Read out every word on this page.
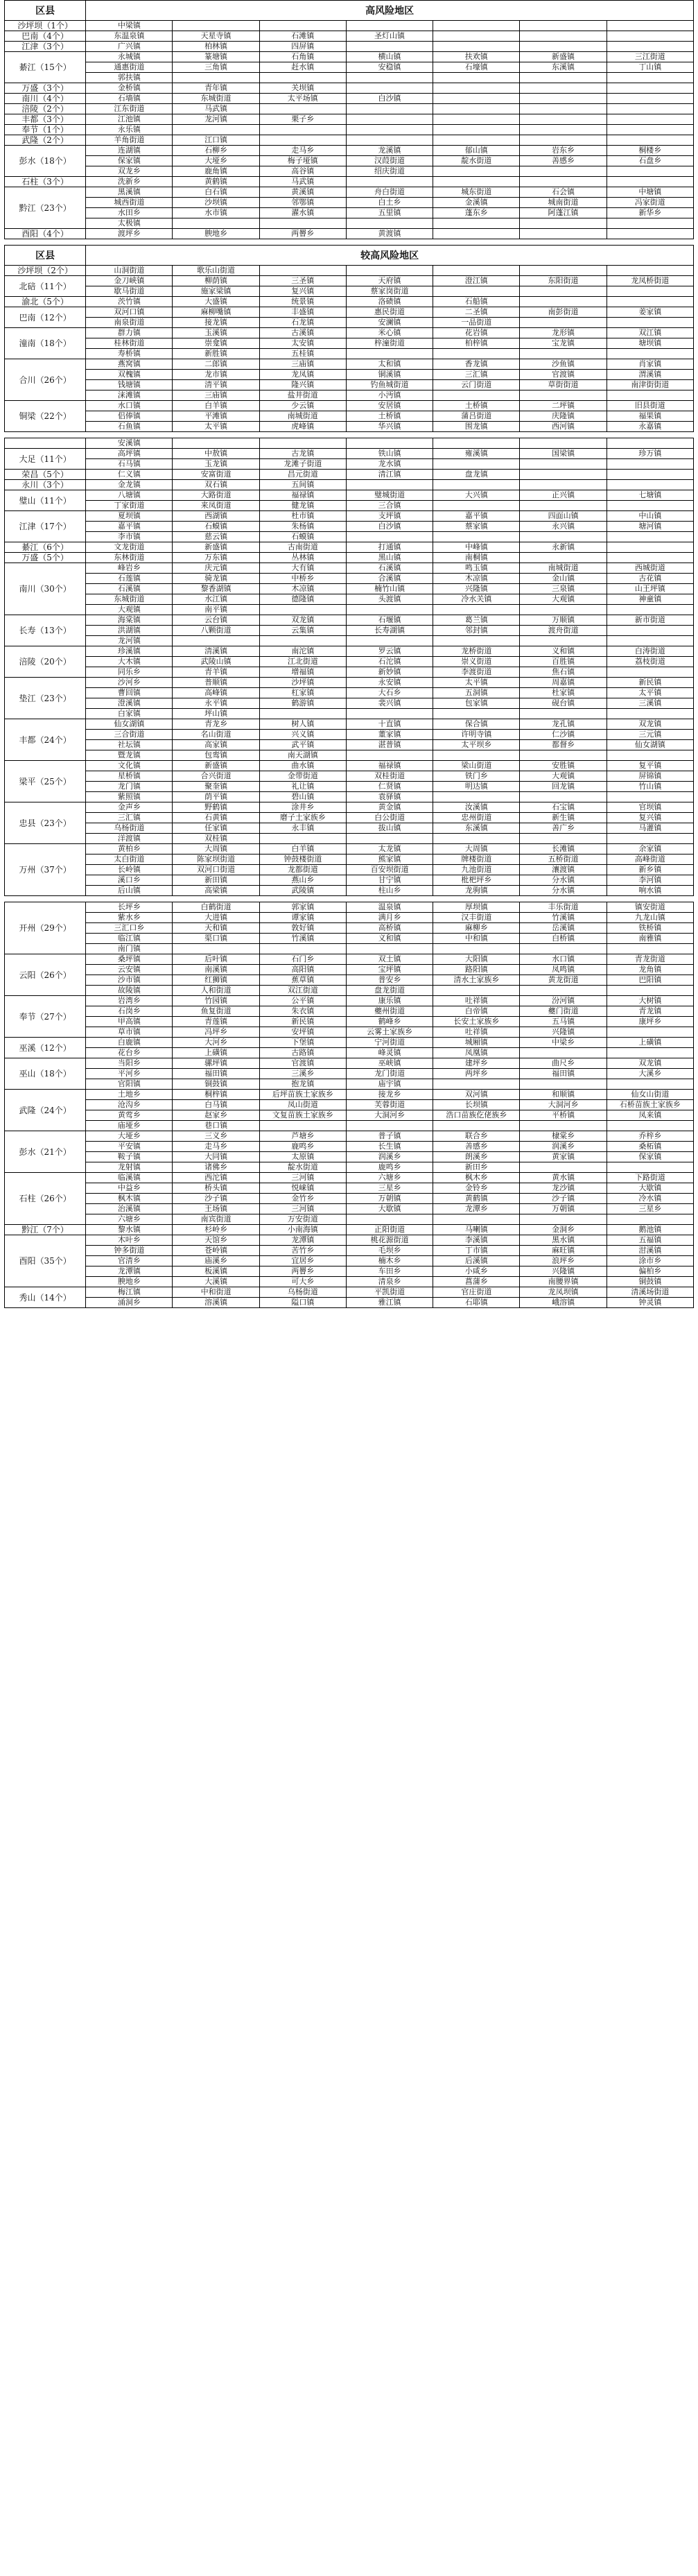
区县	高风险地区						
沙坪坝（1个）	中梁镇						
巴南（4个）	东温泉镇	天星寺镇	石滩镇	圣灯山镇			
江津（3个）	广兴镇	柏林镇	四屏镇				
綦江（15个）	永城镇	篆塘镇	石角镇	横山镇	扶欢镇	新盛镇	三江街道
	通惠街道	三角镇	赶水镇	安稳镇	石壕镇	东溪镇	丁山镇
	郭扶镇						
万盛（3个）	金桥镇	青年镇	关坝镇				
南川（4个）	石墙镇	东城街道	太平场镇	白沙镇			
涪陵（2个）	江东街道	马武镇					
丰都（3个）	江池镇	龙河镇	栗子乡				
奉节（1个）	永乐镇						
武隆（2个）	羊角街道	江口镇					
彭水（18个）	连湖镇	石柳乡	走马乡	龙溪镇	郁山镇	岩东乡	桐楼乡
	保家镇	大垭乡	梅子垭镇	汉葭街道	靛水街道	善感乡	石盘乡
	双龙乡	鹿角镇	高谷镇	绍庆街道			
石柱（3个）	洗新乡	黄鹤镇	马武镇				
黔江（23个）	黑溪镇	白石镇	黄溪镇	舟白街道	城东街道	石会镇	中塘镇
	城西街道	沙坝镇	邻鄂镇	白土乡	金溪镇	城南街道	冯家街道
	水田乡	水市镇	濯水镇	五里镇	蓬东乡	阿蓬江镇	新华乡
	太极镇						
酉阳（4个）	渡坪乡	腴地乡	两罾乡	黄渡镇			
区县	较高风险地区						
沙坪坝（2个）	山洞街道	歌乐山街道					
北碚（11个）	金刀峡镇	柳荫镇	三圣镇	天府镇	澄江镇	东阳街道	龙凤桥街道
	歇马街道	施家梁镇	复兴镇	蔡家岗街道			
渝北（5个）	茨竹镇	大盛镇	统景镇	洛碛镇	石船镇		
巴南（12个）	双河口镇	麻柳嘴镇	丰盛镇	惠民街道	二圣镇	南彭街道	姜家镇
	南泉街道	接龙镇	石龙镇	安澜镇	一品街道		
潼南（18个）	群力镇	玉溪镇	古溪镇	米心镇	花岩镇	龙形镇	双江镇
	桂林街道	崇龛镇	太安镇	梓潼街道	柏梓镇	宝龙镇	塘坝镇
	寿桥镇	新胜镇	五桂镇				
合川（26个）	燕窝镇	二郎镇	三庙镇	太和镇	香龙镇	沙鱼镇	肖家镇
	双槐镇	龙市镇	龙凤镇	铜溪镇	三汇镇	官渡镇	渭溪镇
	钱塘镇	清平镇	隆兴镇	钓鱼城街道	云门街道	草街街道	南津街街道
	涞滩镇	三庙镇	盐井街道	小沔镇			
铜梁（22个）	水口镇	白羊镇	少云镇	安居镇	土桥镇	二坪镇	旧县街道
	侣俸镇	平滩镇	南城街道	土桥镇	蒲吕街道	庆隆镇	福果镇
	石鱼镇	太平镇	虎峰镇	华兴镇	围龙镇	西河镇	永嘉镇
	安溪镇						
大足（11个）	高坪镇	中敖镇	古龙镇	铁山镇	雍溪镇	国梁镇	珍万镇
	石马镇	玉龙镇	龙滩子街道	龙水镇			
荣昌（5个）	仁义镇	安富街道	昌元街道	清江镇	盘龙镇		
永川（3个）	金龙镇	双石镇	五间镇				
璧山（11个）	八塘镇	大路街道	福禄镇	璧城街道	大兴镇	正兴镇	七塘镇
	丁家街道	来凤街道	健龙镇	三合镇			
江津（17个）	夏坝镇	西湖镇	杜市镇	支坪镇	嘉平镇	四面山镇	中山镇
	嘉平镇	石蟆镇	朱杨镇	白沙镇	蔡家镇	永兴镇	塘河镇
	李市镇	慈云镇	石蟆镇				
綦江（6个）	文龙街道	新盛镇	古南街道	打通镇	中峰镇	永新镇	
万盛（5个）	东林街道	万东镇	丛林镇	黑山镇	南桐镇		
南川（30个）	峰岩乡	庆元镇	大有镇	石溪镇	鸣玉镇	南城街道	西城街道
	石莲镇	骑龙镇	中桥乡	合溪镇	木凉镇	金山镇	古花镇
	石溪镇	黎香湖镇	木凉镇	楠竹山镇	兴隆镇	三泉镇	山王坪镇
	东城街道	水江镇	德隆镇	头渡镇	冷水关镇	大观镇	神童镇
	大观镇	南平镇					
长寿（13个）	海棠镇	云台镇	双龙镇	石堰镇	葛兰镇	万顺镇	新市街道
	洪湖镇	八颗街道	云集镇	长寿湖镇	邻封镇	渡舟街道	
	龙河镇						
涪陵（20个）	珍溪镇	清溪镇	南沱镇	罗云镇	龙桥街道	义和镇	白涛街道
	大木镇	武陵山镇	江北街道	石沱镇	崇义街道	百胜镇	荔枝街道
	同乐乡	青羊镇	增福镇	新妙镇	李渡街道	焦石镇	
垫江（23个）	沙河乡	普顺镇	沙坪镇	永安镇	太平镇	周嘉镇	新民镇
	曹回镇	高峰镇	杠家镇	大石乡	五洞镇	杜家镇	太平镇
	澄溪镇	永平镇	鹤游镇	裴兴镇	包家镇	砚台镇	三溪镇
	白家镇	坪山镇					
丰都（24个）	仙女湖镇	青龙乡	树人镇	十直镇	保合镇	龙孔镇	双龙镇
	三合街道	名山街道	兴义镇	董家镇	许明寺镇	仁沙镇	三元镇
	社坛镇	高家镇	武平镇	湛普镇	太平坝乡	都督乡	仙女湖镇
	暨龙镇	包鸾镇	南天湖镇				
梁平（25个）	文化镇	新盛镇	曲水镇	福禄镇	梁山街道	安胜镇	复平镇
	星桥镇	合兴街道	金带街道	双桂街道	铁门乡	大观镇	屏锦镇
	龙门镇	聚奎镇	礼让镇	仁贤镇	明达镇	回龙镇	竹山镇
	紫照镇	荫平镇	碧山镇	袁驿镇			
忠县（23个）	金声乡	野鹤镇	涂井乡	黄金镇	汝溪镇	石宝镇	官坝镇
	三汇镇	石黄镇	磨子土家族乡	白公街道	忠州街道	新生镇	复兴镇
	乌杨街道	任家镇	永丰镇	拔山镇	东溪镇	善广乡	马灌镇
	洋渡镇	双桂镇					
万州（37个）	黄柏乡	大周镇	白羊镇	太龙镇	大周镇	长滩镇	余家镇
	太白街道	陈家坝街道	钟鼓楼街道	熊家镇	牌楼街道	五桥街道	高峰街道
	长岭镇	双河口街道	龙都街道	百安坝街道	九池街道	瀼渡镇	新乡镇
	溪口乡	新田镇	燕山乡	甘宁镇	枇杷坪乡	分水镇	李河镇
	后山镇	高梁镇	武陵镇	柱山乡	龙驹镇	分水镇	响水镇
开州（29个）	长坪乡	白鹤街道	郭家镇	温泉镇	厚坝镇	丰乐街道	镇安街道
	紫水乡	大进镇	谭家镇	满月乡	汉丰街道	竹溪镇	九龙山镇
	三汇口乡	天和镇	敦好镇	高桥镇	麻柳乡	岳溪镇	铁桥镇
	临江镇	渠口镇	竹溪镇	义和镇	中和镇	白桥镇	南雅镇
	南门镇						
云阳（26个）	桑坪镇	后叶镇	石门乡	双土镇	大阳镇	水口镇	青龙街道
	云安镇	南溪镇	高阳镇	宝坪镇	路阳镇	凤鸣镇	龙角镇
	沙市镇	红狮镇	蕉草镇	普安乡	清水土家族乡	黄龙街道	巴阳镇
	故陵镇	人和街道	双江街道	盘龙街道			
奉节（27个）	岩湾乡	竹园镇	公平镇	康乐镇	吐祥镇	汾河镇	大树镇
	石岗乡	鱼复街道	朱衣镇	夔州街道	白帝镇	夔门街道	青龙镇
	甲高镇	青莲镇	新民镇	鹤峰乡	长安土家族乡	五马镇	康坪乡
	草市镇	冯坪乡	安坪镇	云雾土家族乡	吐祥镇	兴隆镇	
巫溪（12个）	白鹿镇	大河乡	下堡镇	宁河街道	城厢镇	中梁乡	上磺镇
	花台乡	上磺镇	古路镇	峰灵镇	凤凰镇		
巫山（18个）	当阳乡	骡坪镇	官渡镇	巫峡镇	建坪乡	曲尺乡	双龙镇
	平河乡	福田镇	三溪乡	龙门街道	两坪乡	福田镇	大溪乡
	官阳镇	铜鼓镇	抱龙镇	庙宇镇			
武隆（24个）	土地乡	桐梓镇	后坪苗族土家族乡	接龙乡	双河镇	和顺镇	仙女山街道
	沧沟乡	白马镇	凤山街道	芙蓉街道	长坝镇	大洞河乡	石桥苗族土家族乡
	黄莺乡	赵家乡	文复苗族土家族乡	大洞河乡	浩口苗族仡佬族乡	平桥镇	凤来镇
	庙垭乡	巷口镇					
彭水（21个）	大垭乡	三义乡	芦塘乡	普子镇	联合乡	棣棠乡	乔梓乡
	平安镇	走马乡	鹿鸣乡	长生镇	善感乡	润溪乡	桑柘镇
	鞍子镇	大同镇	太原镇	润溪乡	朗溪乡	黄家镇	保家镇
	龙射镇	诸佛乡	靛水街道	鹿鸣乡	新田乡		
石柱（26个）	临溪镇	西沱镇	三河镇	六塘乡	枫木乡	黄水镇	下路街道
	中益乡	桥头镇	悦崃镇	三星乡	金铃乡	龙沙镇	大歇镇
	枫木镇	沙子镇	金竹乡	万朝镇	黄鹤镇	沙子镇	冷水镇
	治溪镇	王场镇	三河镇	大歇镇	龙潭乡	万朝镇	三星乡
	六塘乡	南宾街道	万安街道				
黔江（7个）	黎水镇	杉岭乡	小南海镇	正阳街道	马喇镇	金洞乡	鹅池镇
酉阳（35个）	木叶乡	天馆乡	龙潭镇	桃花源街道	李溪镇	黑水镇	五福镇
	钟多街道	苍岭镇	苦竹乡	毛坝乡	丁市镇	麻旺镇	泔溪镇
	官清乡	庙溪乡	宜居乡	楠木乡	后溪镇	浪坪乡	涂市乡
	龙潭镇	板溪镇	两罾乡	车田乡	小咸乡	兴隆镇	偏柏乡
	腴地乡	大溪镇	可大乡	清泉乡	菖蒲乡	南腰界镇	铜鼓镇
秀山（14个）	梅江镇	中和街道	乌杨街道	平凯街道	官庄街道	龙凤坝镇	清溪场街道
	涌洞乡	溶溪镇	隘口镇	雅江镇	石耶镇	峨溶镇	钟灵镇
